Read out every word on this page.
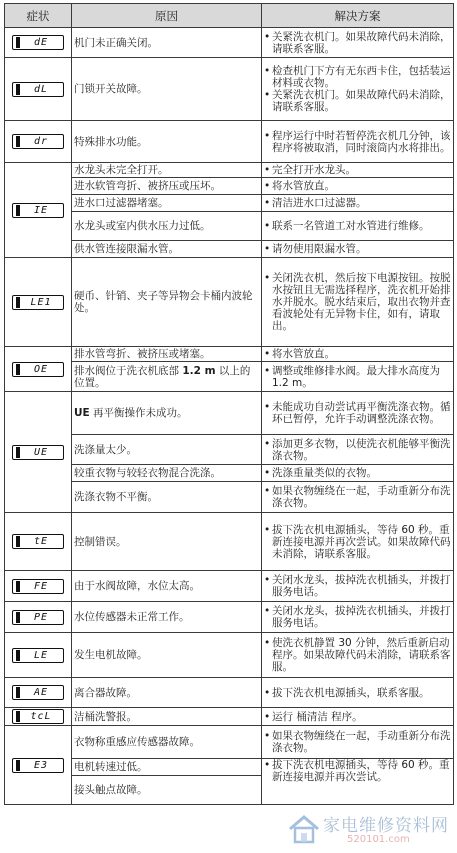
症状	原因	解决方案

dE	机门未正确关闭。	• 关紧洗衣机门。如果故障代码未消除，请联系客服。

dL	门锁开关故障。	• 检查机门下方有无东西卡住，包括装运材料或衣物。
• 关紧洗衣机门。如果故障代码未消除，请联系客服。

dr	特殊排水功能。	• 程序运行中时若暂停洗衣机几分钟，该程序将被取消，同时滚筒内水将排出。

IE	水龙头未完全打开。	• 完全打开水龙头。

	进水软管弯折、被挤压或压坏。	• 将水管放直。

	进水口过滤器堵塞。	• 清洁进水口过滤器。

	水龙头或室内供水压力过低。	• 联系一名管道工对水管进行维修。

	供水管连接限漏水管。	• 请勿使用限漏水管。

LE1	硬币、针销、夹子等异物会卡桶内波轮处。	• 关闭洗衣机，然后按下电源按钮。按脱水按钮且无需选择程序，洗衣机开始排水并脱水。脱水结束后，取出衣物并查看波轮处有无异物卡住，如有，请取出。

OE	排水管弯折、被挤压或堵塞。	• 将水管放直。

	排水阀位于洗衣机底部 1.2 m 以上的位置。	• 调整或维修排水阀。最大排水高度为 1.2 m。

UE	UE 再平衡操作未成功。	• 未能成功自动尝试再平衡洗涤衣物。循环已暂停，允许手动调整洗涤衣物。

	洗涤量太少。	• 添加更多衣物，以使洗衣机能够平衡洗涤衣物。

	较重衣物与较轻衣物混合洗涤。	• 洗涤重量类似的衣物。

	洗涤衣物不平衡。	• 如果衣物缠绕在一起，手动重新分布洗涤衣物。

tE	控制错误。	• 拔下洗衣机电源插头，等待 60 秒。重新连接电源并再次尝试。如果故障代码未消除，请联系客服。

FE	由于水阀故障，水位太高。	• 关闭水龙头，拔掉洗衣机插头，并拨打服务电话。

PE	水位传感器未正常工作。	• 关闭水龙头，拔掉洗衣机插头，并拨打服务电话。

LE	发生电机故障。	• 使洗衣机静置 30 分钟，然后重新启动程序。如果故障代码未消除，请联系客服。

AE	离合器故障。	• 拔下洗衣机电源插头，联系客服。

tcL	洁桶洗警报。	• 运行 桶清洁 程序。

E3	衣物称重感应传感器故障。	• 如果衣物缠绕在一起，手动重新分布洗涤衣物。

	电机转速过低。	• 拔下洗衣机电源插头，等待 60 秒。重新连接电源并再次尝试。

	接头触点故障。	
家电维修资料网
520101.com
